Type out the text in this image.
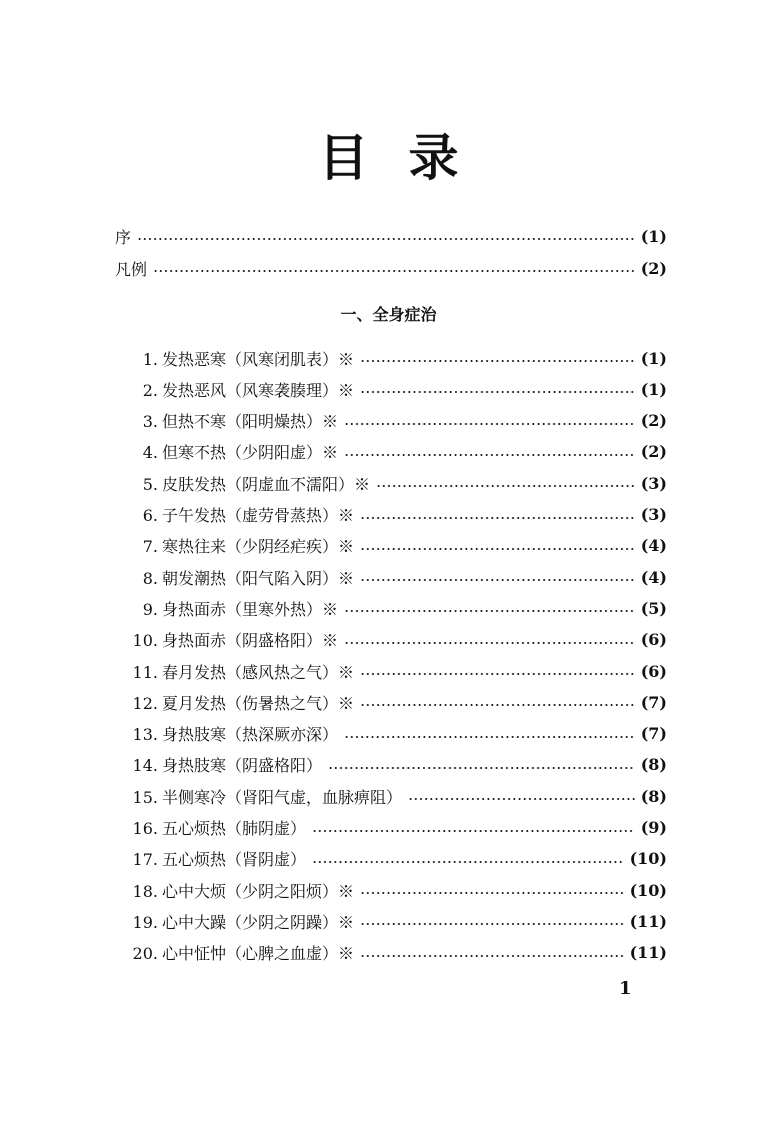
目录
序	(1)
凡例	(2)
一、全身症治
1. 发热恶寒（风寒闭肌表）※	(1)
2. 发热恶风（风寒袭腠理）※	(1)
3. 但热不寒（阳明燥热）※	(2)
4. 但寒不热（少阴阳虚）※	(2)
5. 皮肤发热（阴虚血不濡阳）※	(3)
6. 子午发热（虚劳骨蒸热）※	(3)
7. 寒热往来（少阴经疟疾）※	(4)
8. 朝发潮热（阳气陷入阴）※	(4)
9. 身热面赤（里寒外热）※	(5)
10. 身热面赤（阴盛格阳）※	(6)
11. 春月发热（感风热之气）※	(6)
12. 夏月发热（伤暑热之气）※	(7)
13. 身热肢寒（热深厥亦深）	(7)
14. 身热肢寒（阴盛格阳）	(8)
15. 半侧寒冷（肾阳气虚，血脉痹阻）	(8)
16. 五心烦热（肺阴虚）	(9)
17. 五心烦热（肾阴虚）	(10)
18. 心中大烦（少阴之阳烦）※	(10)
19. 心中大躁（少阴之阴躁）※	(11)
20. 心中怔忡（心脾之血虚）※	(11)
1
